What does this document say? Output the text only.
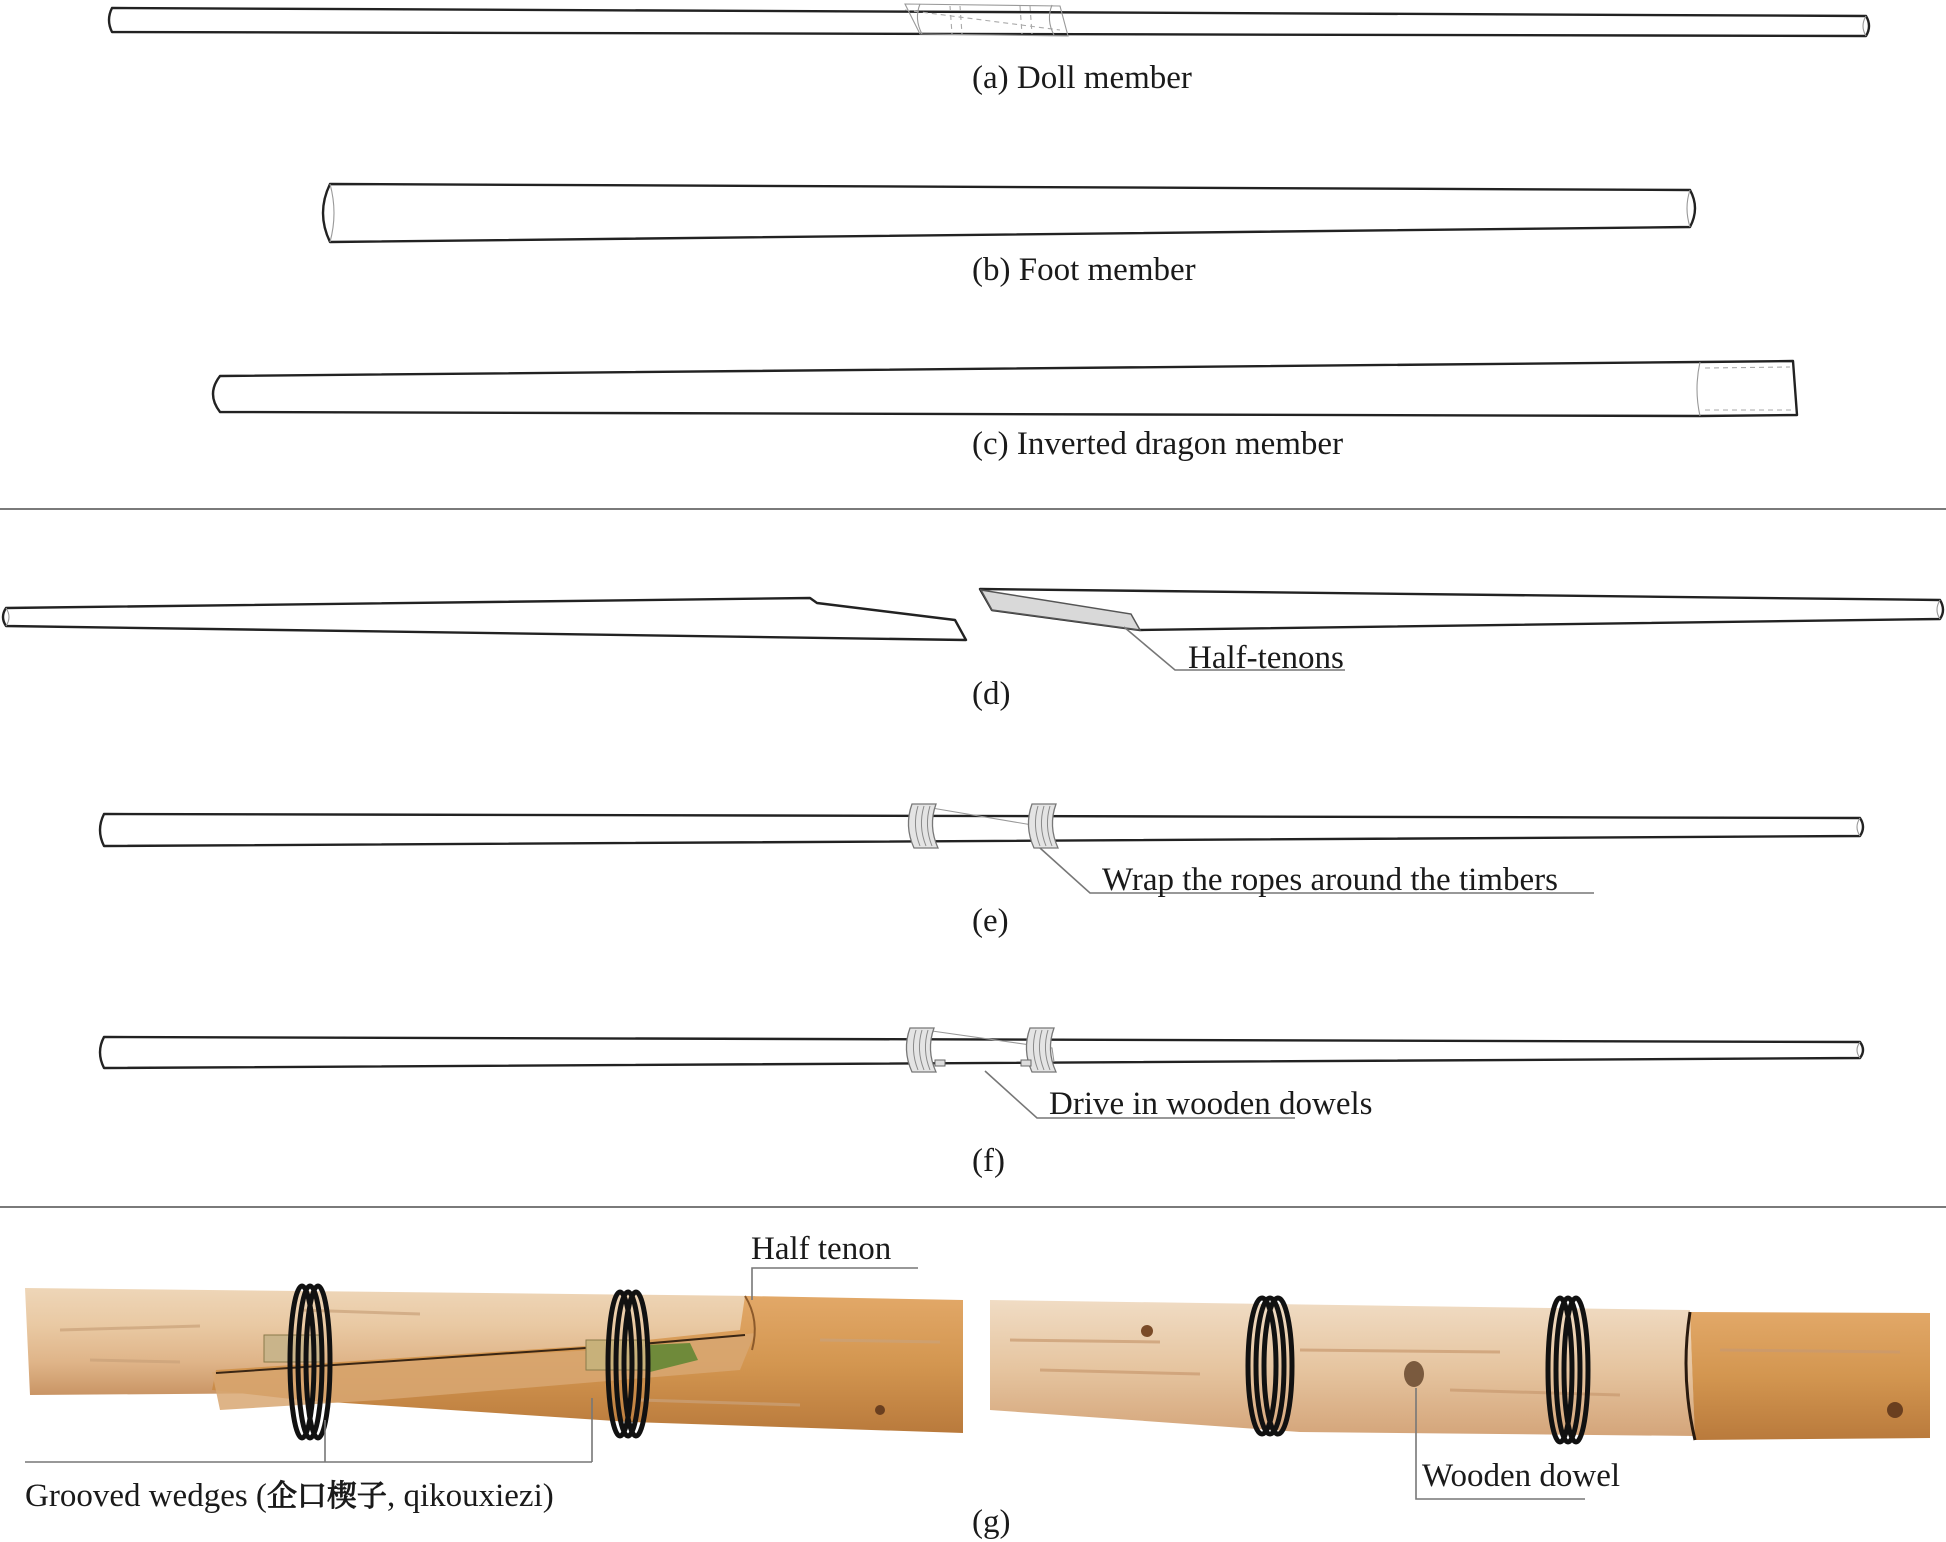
(a) Doll member
(b) Foot member
(c) Inverted dragon member
Half-tenons
(d)
Wrap the ropes around the timbers
(e)
Drive in wooden dowels
(f)
Half tenon
Grooved wedges (企口楔子, qikouxiezi)
Wooden dowel
(g)
